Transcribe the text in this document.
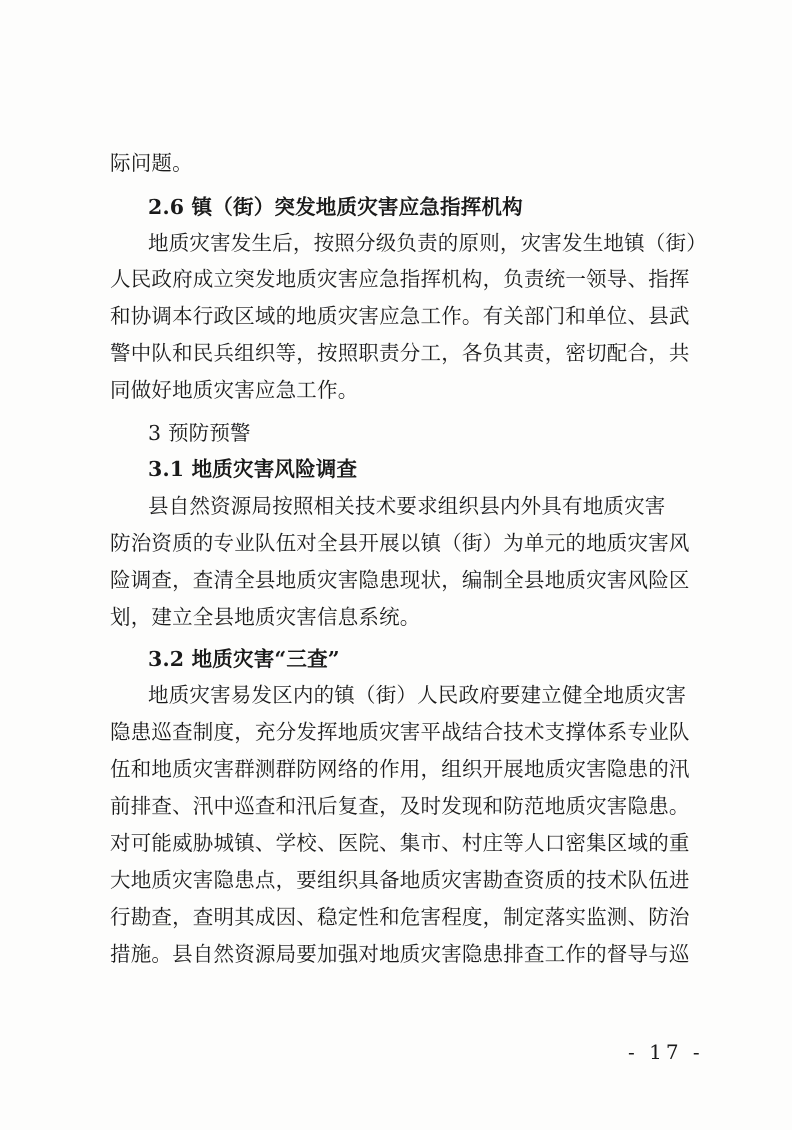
际问题。
2.6 镇（街）突发地质灾害应急指挥机构
地质灾害发生后，按照分级负责的原则，灾害发生地镇（街）
人民政府成立突发地质灾害应急指挥机构，负责统一领导、指挥
和协调本行政区域的地质灾害应急工作。有关部门和单位、县武
警中队和民兵组织等，按照职责分工，各负其责，密切配合，共
同做好地质灾害应急工作。
3 预防预警
3.1 地质灾害风险调查
县自然资源局按照相关技术要求组织县内外具有地质灾害
防治资质的专业队伍对全县开展以镇（街）为单元的地质灾害风
险调查，查清全县地质灾害隐患现状，编制全县地质灾害风险区
划，建立全县地质灾害信息系统。
3.2 地质灾害“三查”
地质灾害易发区内的镇（街）人民政府要建立健全地质灾害
隐患巡查制度，充分发挥地质灾害平战结合技术支撑体系专业队
伍和地质灾害群测群防网络的作用，组织开展地质灾害隐患的汛
前排查、汛中巡查和汛后复查，及时发现和防范地质灾害隐患。
对可能威胁城镇、学校、医院、集市、村庄等人口密集区域的重
大地质灾害隐患点，要组织具备地质灾害勘查资质的技术队伍进
行勘查，查明其成因、稳定性和危害程度，制定落实监测、防治
措施。县自然资源局要加强对地质灾害隐患排查工作的督导与巡
- 17 -
